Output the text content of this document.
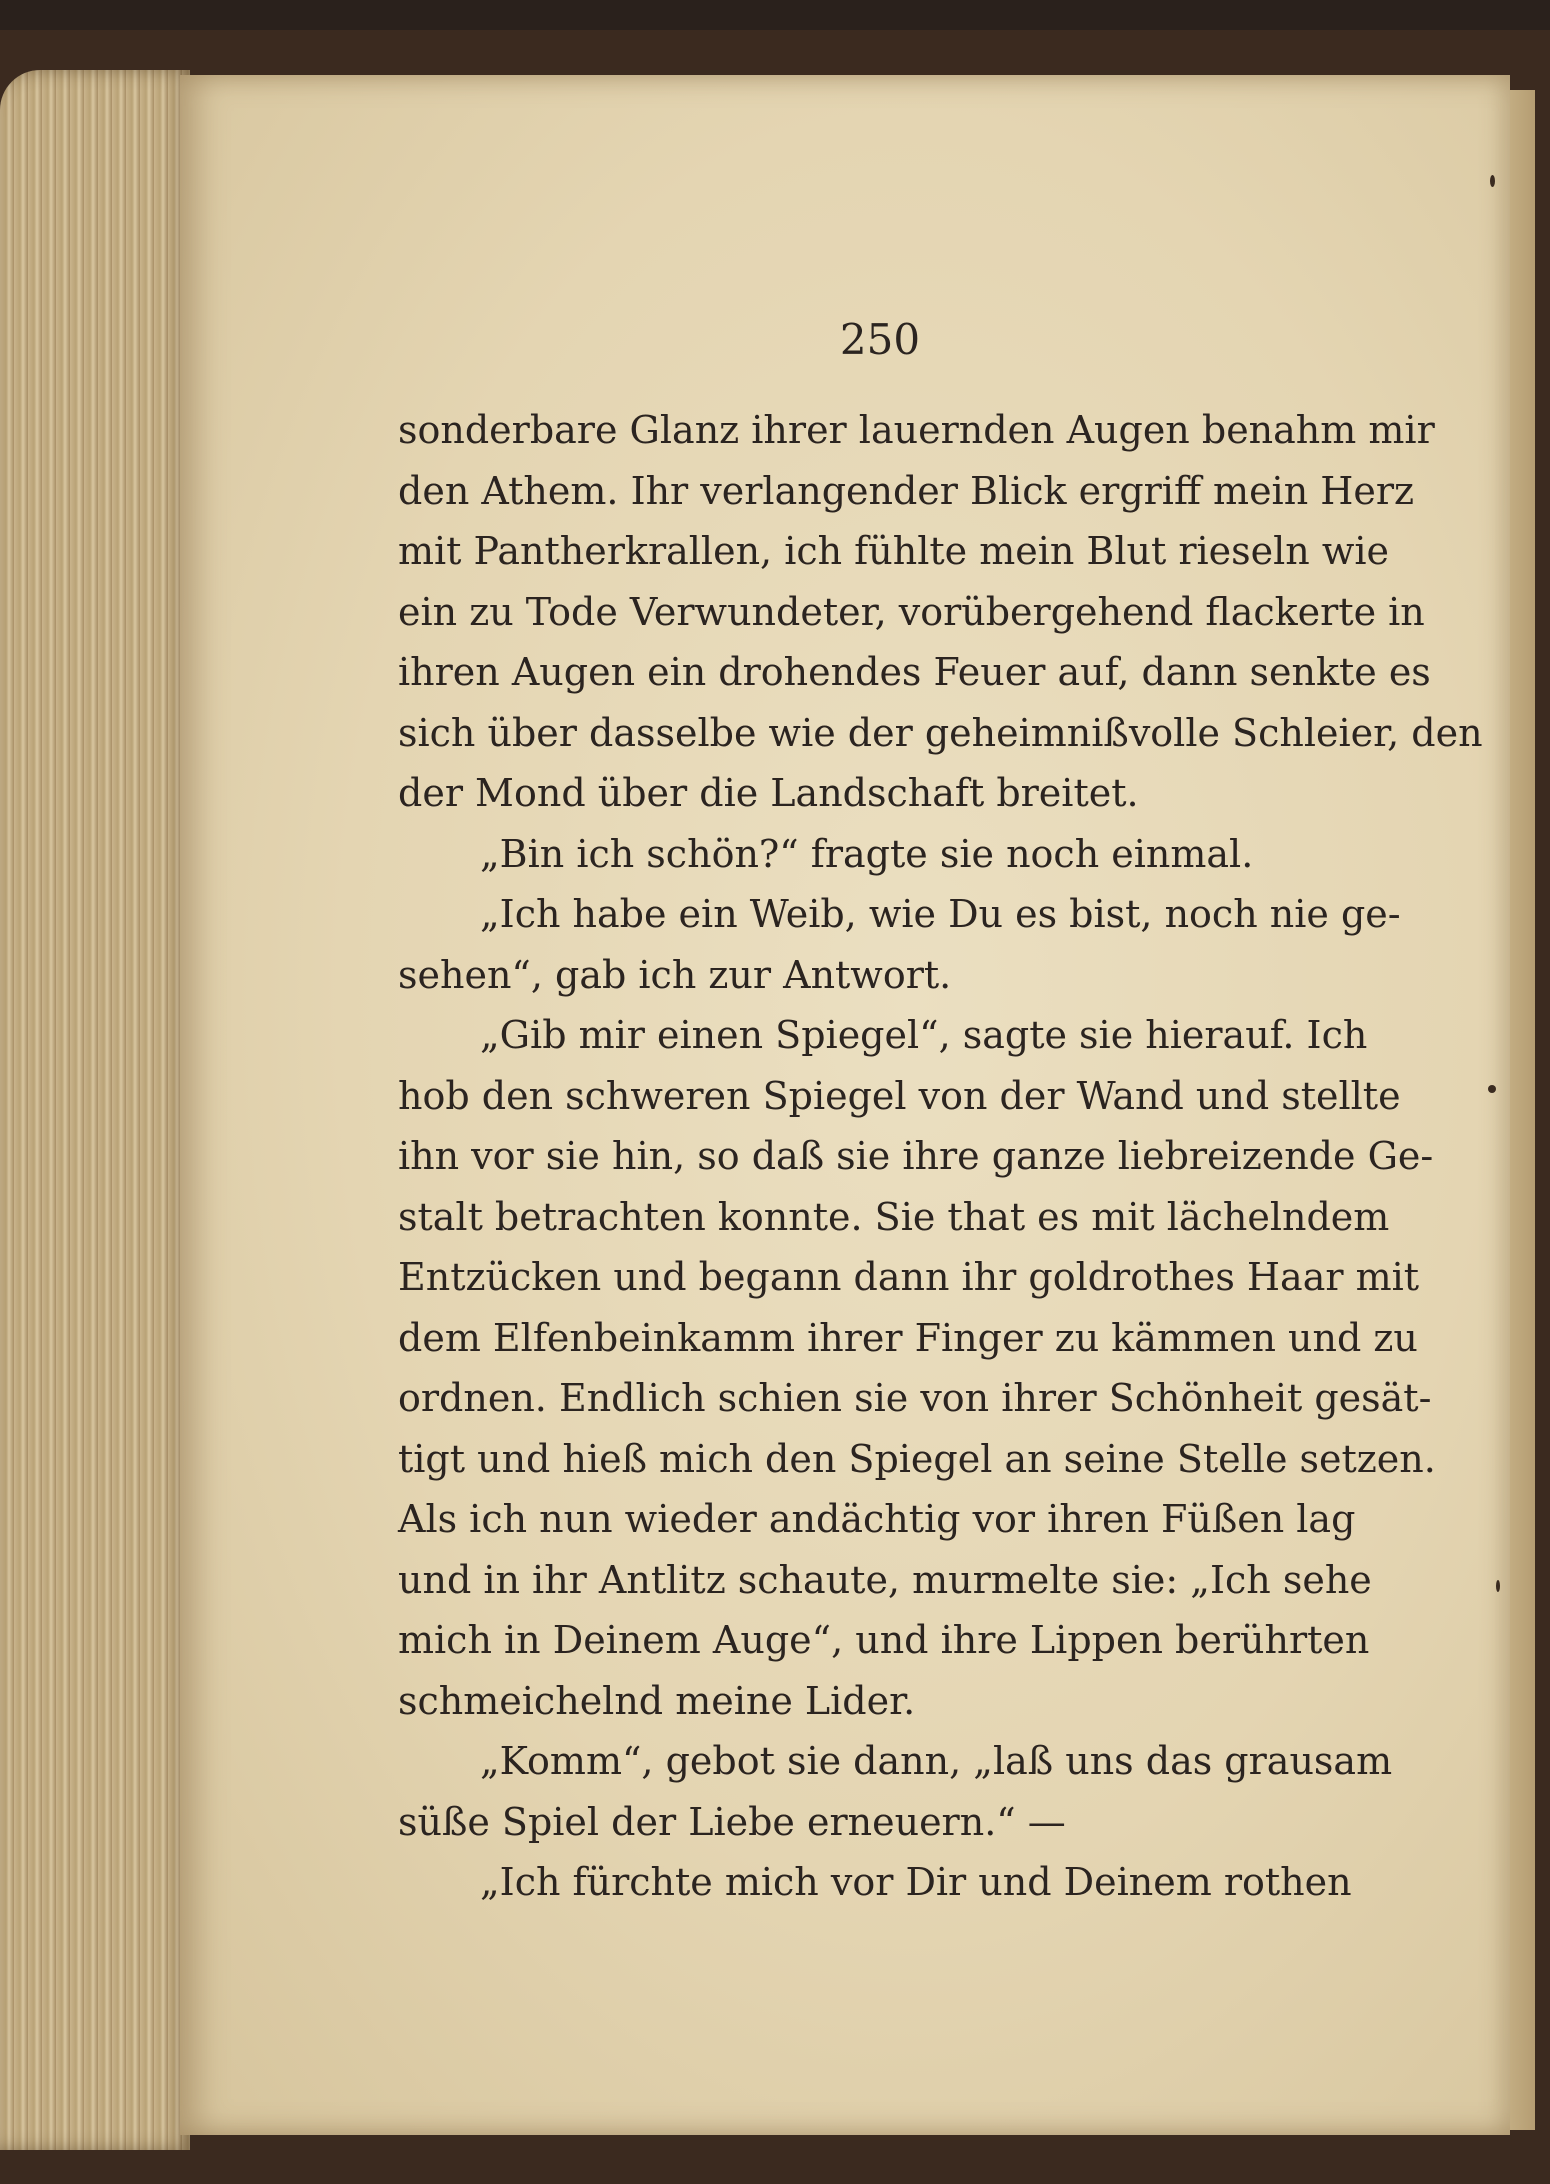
250
sonderbare Glanz ihrer lauernden Augen benahm mir
den Athem. Ihr verlangender Blick ergriff mein Herz
mit Pantherkrallen, ich fühlte mein Blut rieseln wie
ein zu Tode Verwundeter, vorübergehend flackerte in
ihren Augen ein drohendes Feuer auf, dann senkte es
sich über dasselbe wie der geheimnißvolle Schleier, den
der Mond über die Landschaft breitet.
„Bin ich schön?“ fragte sie noch einmal.
„Ich habe ein Weib, wie Du es bist, noch nie ge-
sehen“, gab ich zur Antwort.
„Gib mir einen Spiegel“, sagte sie hierauf. Ich
hob den schweren Spiegel von der Wand und stellte
ihn vor sie hin, so daß sie ihre ganze liebreizende Ge-
stalt betrachten konnte. Sie that es mit lächelndem
Entzücken und begann dann ihr goldrothes Haar mit
dem Elfenbeinkamm ihrer Finger zu kämmen und zu
ordnen. Endlich schien sie von ihrer Schönheit gesät-
tigt und hieß mich den Spiegel an seine Stelle setzen.
Als ich nun wieder andächtig vor ihren Füßen lag
und in ihr Antlitz schaute, murmelte sie: „Ich sehe
mich in Deinem Auge“, und ihre Lippen berührten
schmeichelnd meine Lider.
„Komm“, gebot sie dann, „laß uns das grausam
süße Spiel der Liebe erneuern.“ —
„Ich fürchte mich vor Dir und Deinem rothen
